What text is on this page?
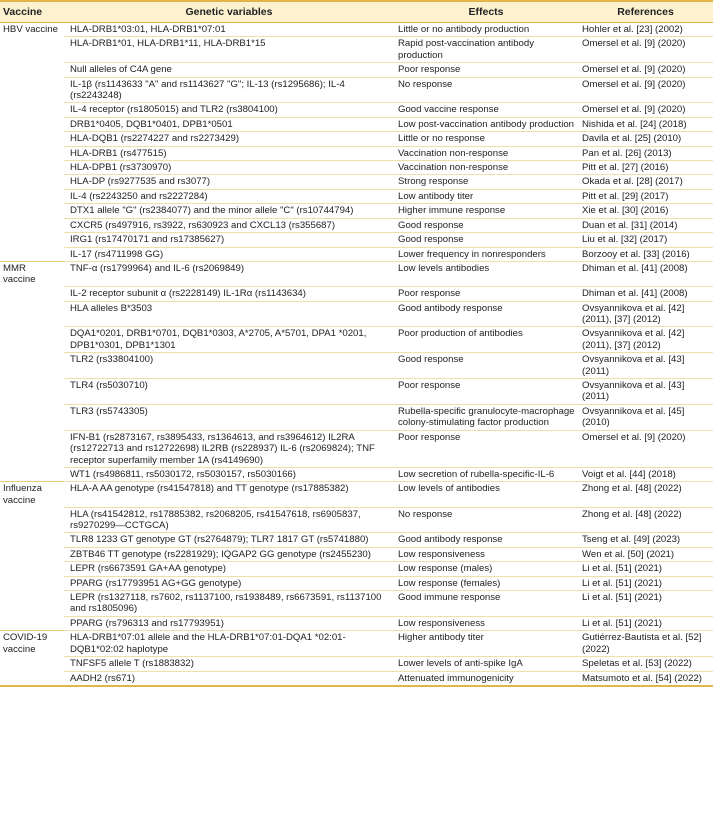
Vaccine	Genetic variables	Effects	References
HBV vaccine	HLA-DRB1*03:01, HLA-DRB1*07:01	Little or no antibody production	Hohler et al. [23] (2002)
	HLA-DRB1*01, HLA-DRB1*11, HLA-DRB1*15	Rapid post-vaccination antibody production	Omersel et al. [9] (2020)
	Null alleles of C4A gene	Poor response	Omersel et al. [9] (2020)
	IL-1β (rs1143633 "A" and rs1143627 "G"; IL-13 (rs1295686); IL-4 (rs2243248)	No response	Omersel et al. [9] (2020)
	IL-4 receptor (rs1805015) and TLR2 (rs3804100)	Good vaccine response	Omersel et al. [9] (2020)
	DRB1*0405, DQB1*0401, DPB1*0501	Low post-vaccination antibody production	Nishida et al. [24] (2018)
	HLA-DQB1 (rs2274227 and rs2273429)	Little or no response	Davila et al. [25] (2010)
	HLA-DRB1 (rs477515)	Vaccination non-response	Pan et al. [26] (2013)
	HLA-DPB1 (rs3730970)	Vaccination non-response	Pitt et al. [27] (2016)
	HLA-DP (rs9277535 and rs3077)	Strong response	Okada et al. [28] (2017)
	IL-4 (rs2243250 and rs2227284)	Low antibody titer	Pitt et al. [29] (2017)
	DTX1 allele "G" (rs2384077) and the minor allele "C" (rs10744794)	Higher immune response	Xie et al. [30] (2016)
	CXCR5 (rs497916, rs3922, rs630923 and CXCL13 (rs355687)	Good response	Duan et al. [31] (2014)
	IRG1 (rs17470171 and rs17385627)	Good response	Liu et al. [32] (2017)
	IL-17 (rs4711998 GG)	Lower frequency in nonresponders	Borzooy et al. [33] (2016)
MMR vaccine	TNF-α (rs1799964) and IL-6 (rs2069849)	Low levels antibodies	Dhiman et al. [41] (2008)
	IL-2 receptor subunit α (rs2228149) IL-1Rα (rs1143634)	Poor response	Dhiman et al. [41] (2008)
	HLA alleles B*3503	Good antibody response	Ovsyannikova et al. [42] (2011), [37] (2012)
	DQA1*0201, DRB1*0701, DQB1*0303, A*2705, A*5701, DPA1 *0201, DPB1*0301, DPB1*1301	Poor production of antibodies	Ovsyannikova et al. [42] (2011), [37] (2012)
	TLR2 (rs33804100)	Good response	Ovsyannikova et al. [43] (2011)
	TLR4 (rs5030710)	Poor response	Ovsyannikova et al. [43] (2011)
	TLR3 (rs5743305)	Rubella-specific granulocyte-macrophage colony-stimulating factor production	Ovsyannikova et al. [45] (2010)
	IFN-B1 (rs2873167, rs3895433, rs1364613, and rs3964612) IL2RA (rs12722713 and rs12722698) IL2RB (rs228937) IL-6 (rs2069824); TNF receptor superfamily member 1A (rs4149690)	Poor response	Omersel et al. [9] (2020)
	WT1 (rs4986811, rs5030172, rs5030157, rs5030166)	Low secretion of rubella-specific-IL-6	Voigt et al. [44] (2018)
Influenza vaccine	HLA-A AA genotype (rs41547818) and TT genotype (rs17885382)	Low levels of antibodies	Zhong et al. [48] (2022)
	HLA (rs41542812, rs17885382, rs2068205, rs41547618, rs6905837, rs9270299—CCTGCA)	No response	Zhong et al. [48] (2022)
	TLR8 1233 GT genotype GT (rs2764879); TLR7 1817 GT (rs5741880)	Good antibody response	Tseng et al. [49] (2023)
	ZBTB46 TT genotype (rs2281929); IQGAP2 GG genotype (rs2455230)	Low responsiveness	Wen et al. [50] (2021)
	LEPR (rs6673591 GA+AA genotype)	Low response (males)	Li et al. [51] (2021)
	PPARG (rs17793951 AG+GG genotype)	Low response (females)	Li et al. [51] (2021)
	LEPR (rs1327118, rs7602, rs1137100, rs1938489, rs6673591, rs1137100 and rs1805096)	Good immune response	Li et al. [51] (2021)
	PPARG (rs796313 and rs17793951)	Low responsiveness	Li et al. [51] (2021)
COVID-19 vaccine	HLA-DRB1*07:01 allele and the HLA-DRB1*07:01-DQA1 *02:01-DQB1*02:02 haplotype	Higher antibody titer	Gutiérrez-Bautista et al. [52] (2022)
	TNFSF5 allele T (rs1883832)	Lower levels of anti-spike IgA	Speletas et al. [53] (2022)
	AADH2 (rs671)	Attenuated immunogenicity	Matsumoto et al. [54] (2022)
